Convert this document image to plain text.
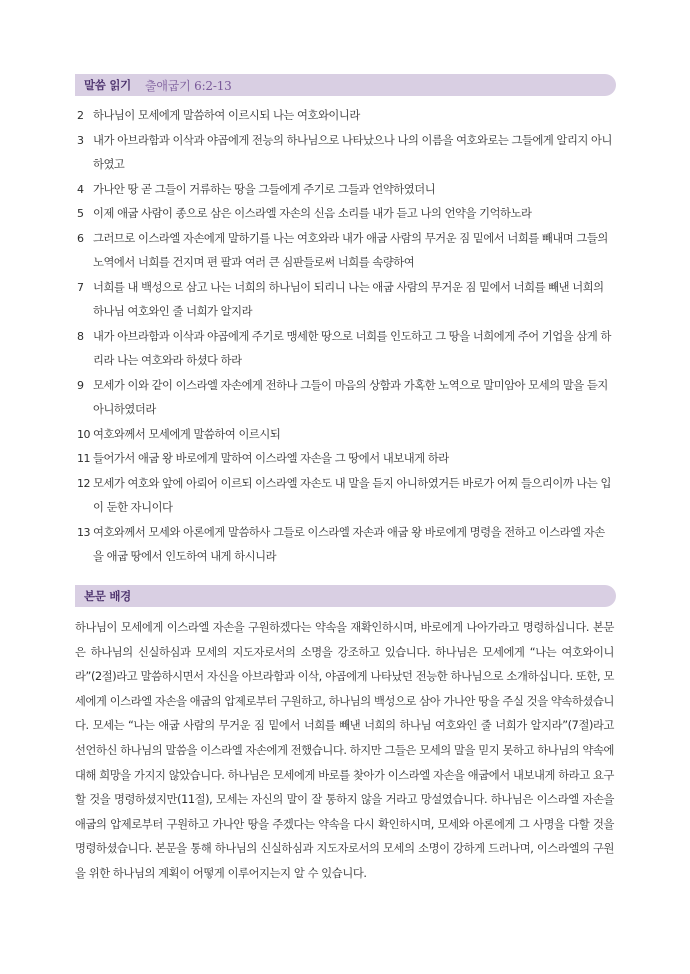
말씀 읽기 출애굽기 6:2-13
2 하나님이 모세에게 말씀하여 이르시되 나는 여호와이니라
3 내가 아브라함과 이삭과 야곱에게 전능의 하나님으로 나타났으나 나의 이름을 여호와로는 그들에게 알리지 아니하였고
4 가나안 땅 곧 그들이 거류하는 땅을 그들에게 주기로 그들과 언약하였더니
5 이제 애굽 사람이 종으로 삼은 이스라엘 자손의 신음 소리를 내가 듣고 나의 언약을 기억하노라
6 그러므로 이스라엘 자손에게 말하기를 나는 여호와라 내가 애굽 사람의 무거운 짐 밑에서 너희를 빼내며 그들의 노역에서 너희를 건지며 편 팔과 여러 큰 심판들로써 너희를 속량하여
7 너희를 내 백성으로 삼고 나는 너희의 하나님이 되리니 나는 애굽 사람의 무거운 짐 밑에서 너희를 빼낸 너희의 하나님 여호와인 줄 너희가 알지라
8 내가 아브라함과 이삭과 야곱에게 주기로 맹세한 땅으로 너희를 인도하고 그 땅을 너희에게 주어 기업을 삼게 하리라 나는 여호와라 하셨다 하라
9 모세가 이와 같이 이스라엘 자손에게 전하나 그들이 마음의 상함과 가혹한 노역으로 말미암아 모세의 말을 듣지 아니하였더라
10 여호와께서 모세에게 말씀하여 이르시되
11 들어가서 애굽 왕 바로에게 말하여 이스라엘 자손을 그 땅에서 내보내게 하라
12 모세가 여호와 앞에 아뢰어 이르되 이스라엘 자손도 내 말을 듣지 아니하였거든 바로가 어찌 들으리이까 나는 입이 둔한 자니이다
13 여호와께서 모세와 아론에게 말씀하사 그들로 이스라엘 자손과 애굽 왕 바로에게 명령을 전하고 이스라엘 자손을 애굽 땅에서 인도하여 내게 하시니라
본문 배경

하나님이 모세에게 이스라엘 자손을 구원하겠다는 약속을 재확인하시며, 바로에게 나아가라고 명령하십니다. 본문은 하나님의 신실하심과 모세의 지도자로서의 소명을 강조하고 있습니다. 하나님은 모세에게 “나는 여호와이니라”(2절)라고 말씀하시면서 자신을 아브라함과 이삭, 야곱에게 나타났던 전능한 하나님으로 소개하십니다. 또한, 모세에게 이스라엘 자손을 애굽의 압제로부터 구원하고, 하나님의 백성으로 삼아 가나안 땅을 주실 것을 약속하셨습니다. 모세는 “나는 애굽 사람의 무거운 짐 밑에서 너희를 빼낸 너희의 하나님 여호와인 줄 너희가 알지라”(7절)라고 선언하신 하나님의 말씀을 이스라엘 자손에게 전했습니다. 하지만 그들은 모세의 말을 믿지 못하고 하나님의 약속에 대해 희망을 가지지 않았습니다. 하나님은 모세에게 바로를 찾아가 이스라엘 자손을 애굽에서 내보내게 하라고 요구할 것을 명령하셨지만(11절), 모세는 자신의 말이 잘 통하지 않을 거라고 망설였습니다. 하나님은 이스라엘 자손을 애굽의 압제로부터 구원하고 가나안 땅을 주겠다는 약속을 다시 확인하시며, 모세와 아론에게 그 사명을 다할 것을 명령하셨습니다. 본문을 통해 하나님의 신실하심과 지도자로서의 모세의 소명이 강하게 드러나며, 이스라엘의 구원을 위한 하나님의 계획이 어떻게 이루어지는지 알 수 있습니다.
